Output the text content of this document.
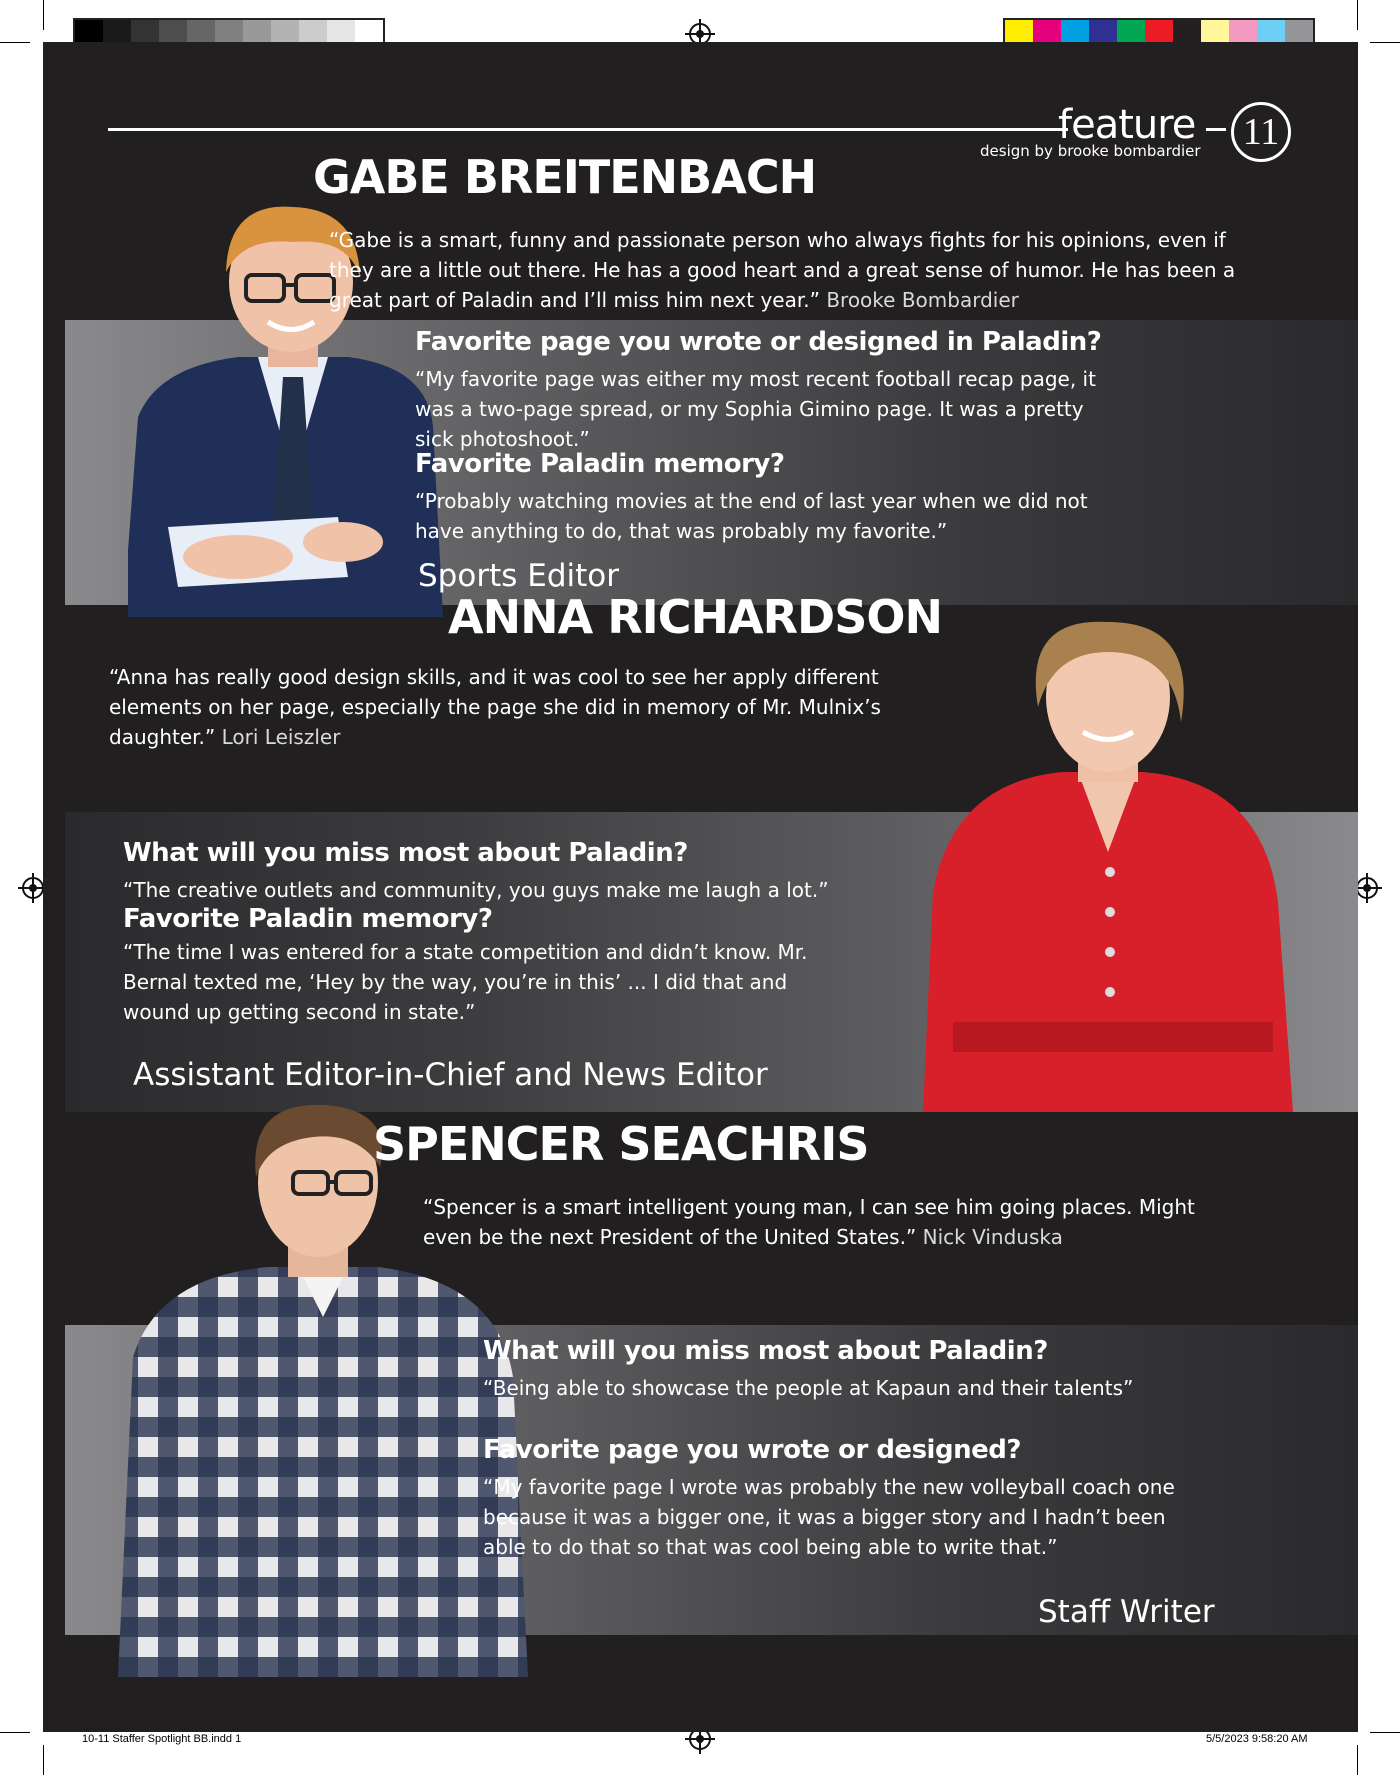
feature
design by brooke bombardier	11
GABE BREITENBACH
“Gabe is a smart, funny and passionate person who always fights for his opinions, even if they are a little out there. He has a good heart and a great sense of humor. He has been a great part of Paladin and I’ll miss him next year.” Brooke Bombardier
Favorite page you wrote or designed in Paladin?
“My favorite page was either my most recent football recap page, it was a two-page spread, or my Sophia Gimino page. It was a pretty sick photoshoot.”
Favorite Paladin memory?
“Probably watching movies at the end of last year when we did not have anything to do, that was probably my favorite.”
Sports Editor
ANNA RICHARDSON
“Anna has really good design skills, and it was cool to see her apply different elements on her page, especially the page she did in memory of Mr. Mulnix’s daughter.” Lori Leiszler
What will you miss most about Paladin?
“The creative outlets and community, you guys make me laugh a lot.”
Favorite Paladin memory?
“The time I was entered for a state competition and didn’t know. Mr. Bernal texted me, ‘Hey by the way, you’re in this’ ... I did that and wound up getting second in state.”
Assistant Editor-in-Chief and News Editor
SPENCER SEACHRIS
“Spencer is a smart intelligent young man, I can see him going places. Might even be the next President of the United States.” Nick Vinduska
What will you miss most about Paladin?
“Being able to showcase the people at Kapaun and their talents”
Favorite page you wrote or designed?
“My favorite page I wrote was probably the new volleyball coach one because it was a bigger one, it was a bigger story and I hadn’t been able to do that so that was cool being able to write that.”
Staff Writer
10-11 Staffer Spotlight BB.indd 1	5/5/2023 9:58:20 AM
